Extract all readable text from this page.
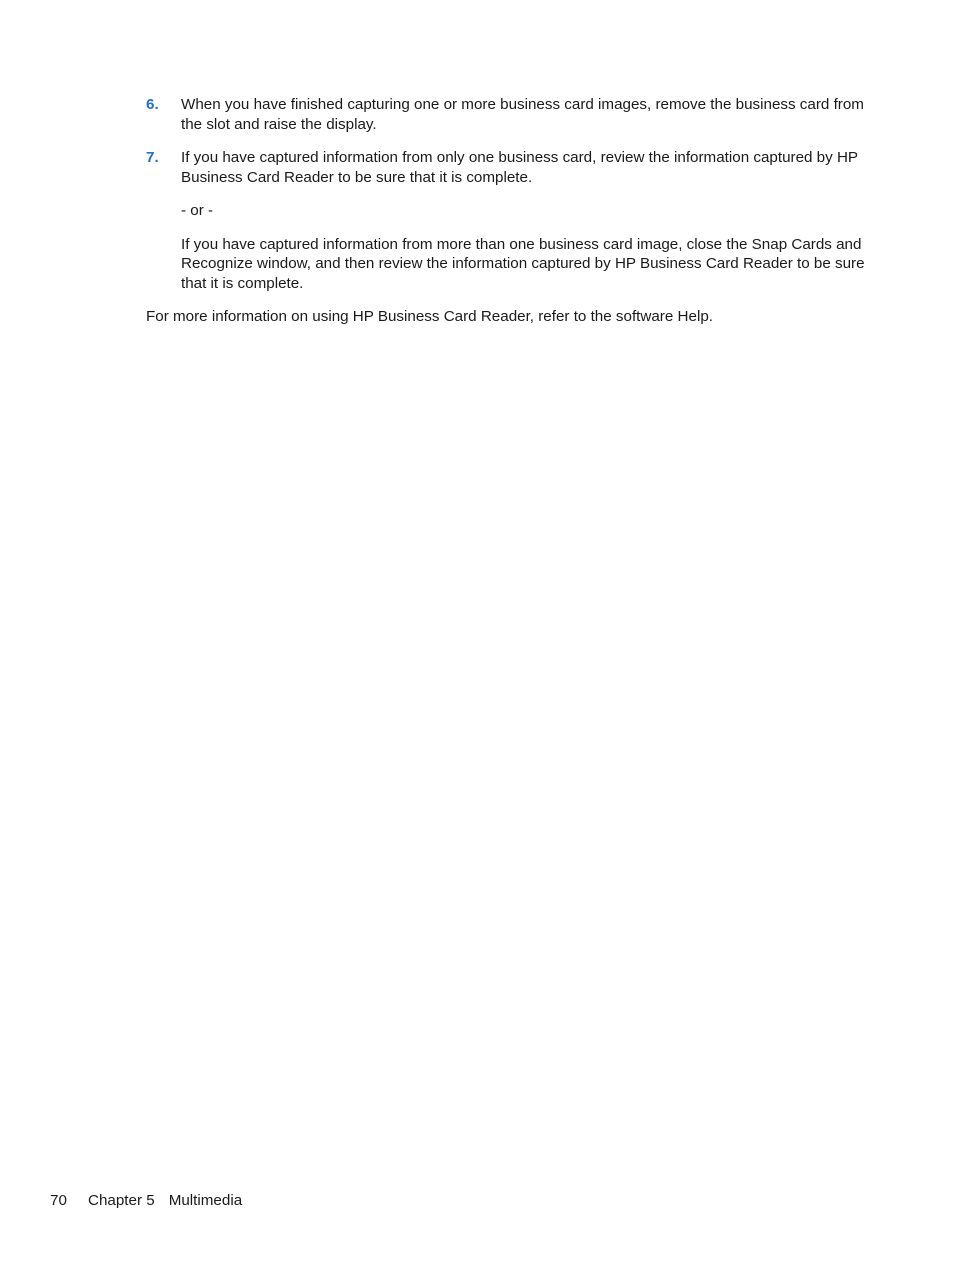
6. When you have finished capturing one or more business card images, remove the business card from the slot and raise the display.
7. If you have captured information from only one business card, review the information captured by HP Business Card Reader to be sure that it is complete.

- or -

If you have captured information from more than one business card image, close the Snap Cards and Recognize window, and then review the information captured by HP Business Card Reader to be sure that it is complete.

For more information on using HP Business Card Reader, refer to the software Help.

70 Chapter 5 Multimedia
